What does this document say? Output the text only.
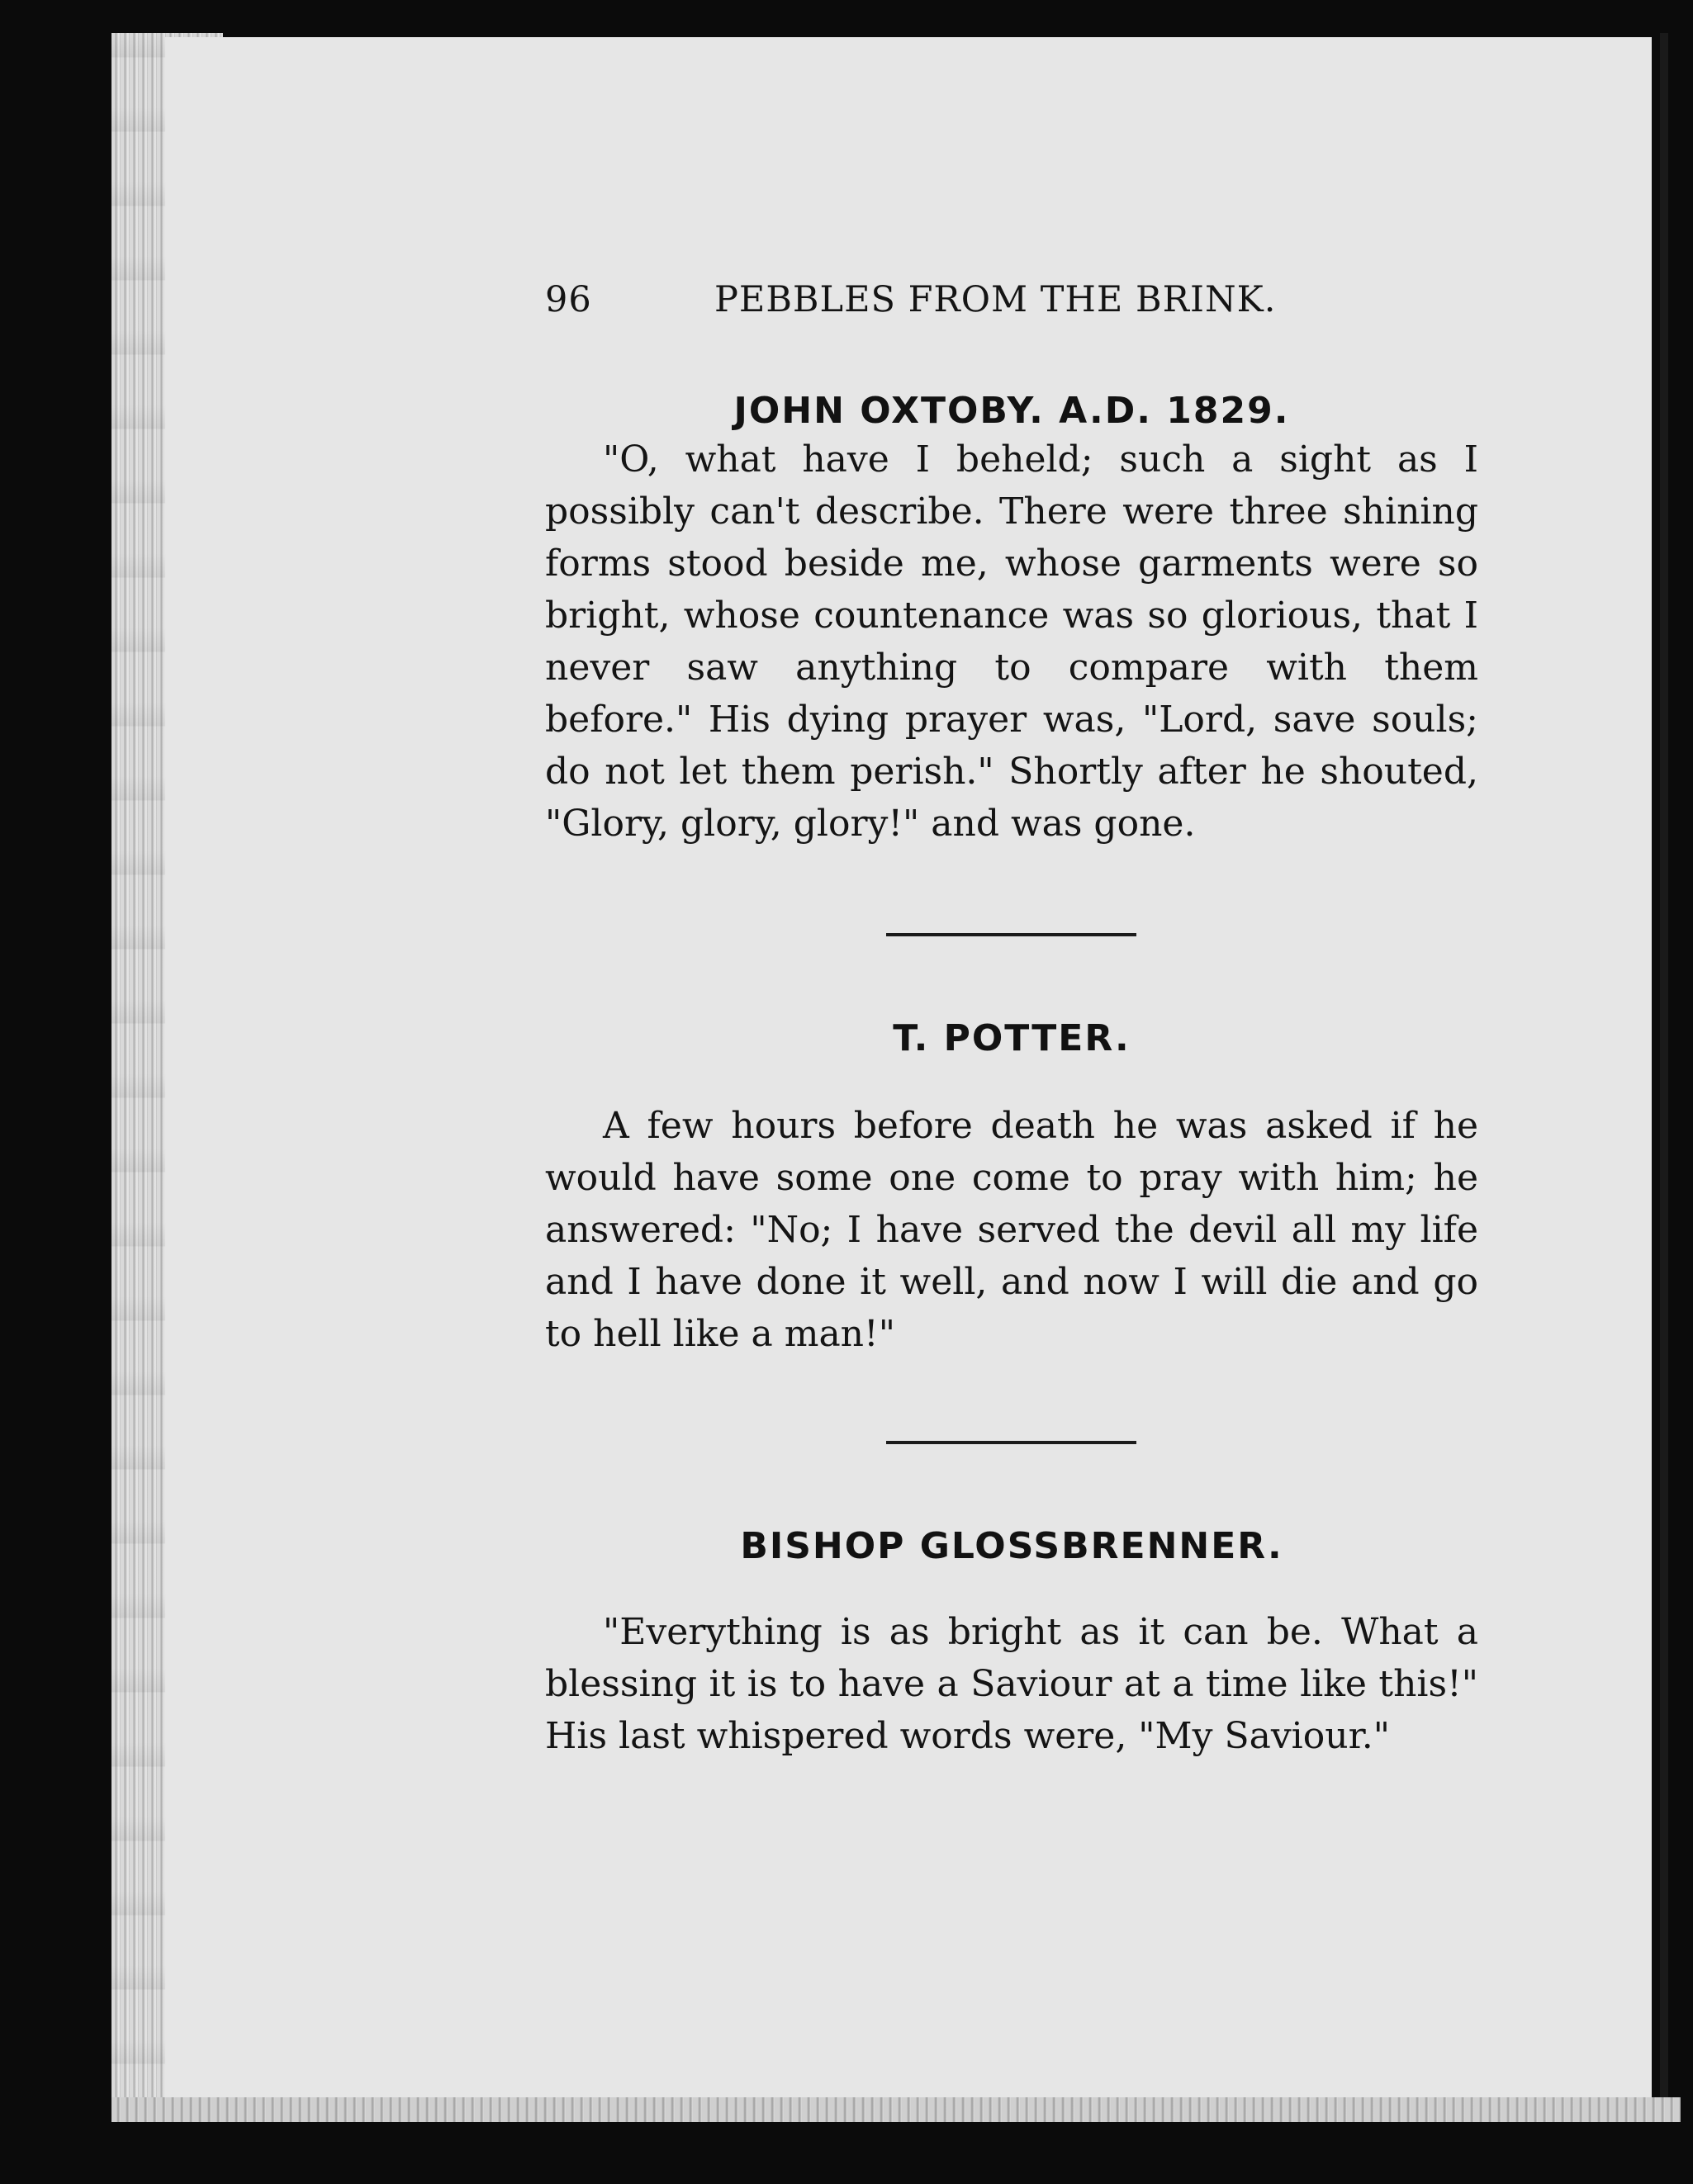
96	PEBBLES FROM THE BRINK.
JOHN OXTOBY. A.D. 1829.
"O, what have I beheld; such a sight as I possibly can't describe. There were three shining forms stood beside me, whose garments were so bright, whose countenance was so glorious, that I never saw anything to compare with them before." His dying prayer was, "Lord, save souls; do not let them perish." Shortly after he shouted, "Glory, glory, glory!" and was gone.
T. POTTER.
A few hours before death he was asked if he would have some one come to pray with him; he answered: "No; I have served the devil all my life and I have done it well, and now I will die and go to hell like a man!"
BISHOP GLOSSBRENNER.
"Everything is as bright as it can be. What a blessing it is to have a Saviour at a time like this!" His last whispered words were, "My Saviour."
